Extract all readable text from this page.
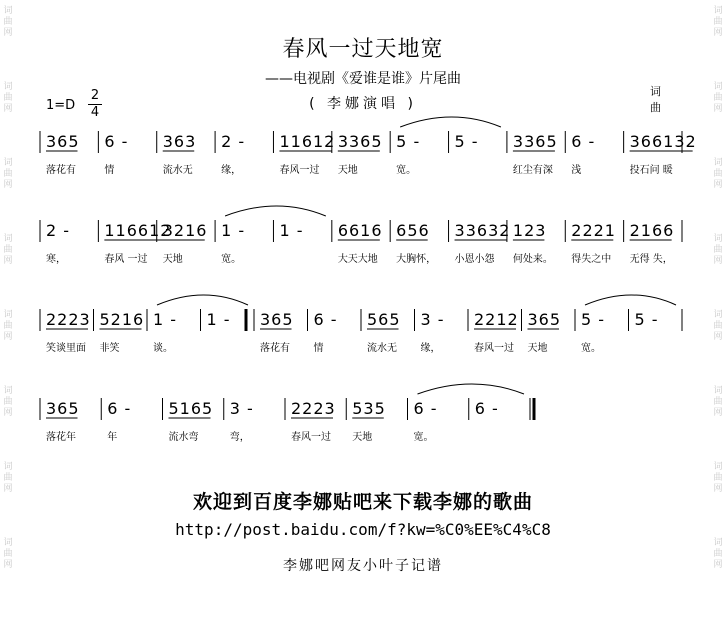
词曲网
词曲网
词曲网
词曲网
词曲网
词曲网
词曲网
词曲网
词曲网
词曲网
词曲网
词曲网
词曲网
词曲网
词曲网
词曲网
春风一过天地宽
——电视剧《爱谁是谁》片尾曲
( 李娜演唱 )
1=D
2
4
词曲
365
落花有
6 -
情
363
流水无
2 -
缘，
11612
春风一过
3365
天地
5 -
宽。
5 - 3365
红尘有深
6 -
浅
366132
投石问 暖
2 -
寒，
116612
春风 一过
3216
天地
1 -
宽。
1 - 6616
大天大地
656
大胸怀，
33632
小恩小怨
123
何处来。
2221
得失之中
2166
无得 失，
2223
笑谈里面
5216
非笑
1 -
谈。
1 - 365
落花有
6 -
情
565
流水无
3 -
缘，
2212
春风一过
365
天地
5 -
宽。
5 -
365
落花年
6 -
年
5165
流水弯
3 -
弯，
2223
春风一过
535
天地
6 -
宽。
6 -
欢迎到百度李娜贴吧来下载李娜的歌曲
http://post.baidu.com/f?kw=%C0%EE%C4%C8
李娜吧网友小叶子记谱
